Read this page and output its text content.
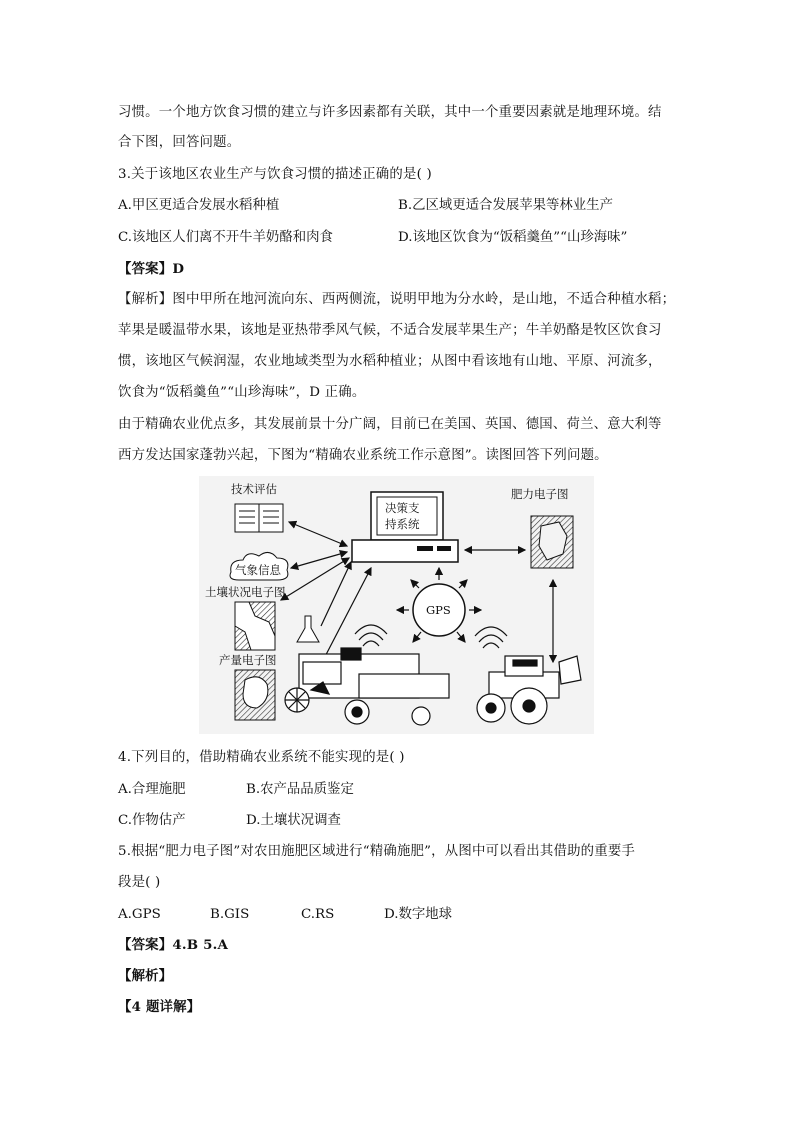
习惯。一个地方饮食习惯的建立与许多因素都有关联，其中一个重要因素就是地理环境。结
合下图，回答问题。
3.关于该地区农业生产与饮食习惯的描述正确的是( )
A.甲区更适合发展水稻种植	B.乙区域更适合发展苹果等林业生产
C.该地区人们离不开牛羊奶酪和肉食	D.该地区饮食为“饭稻羹鱼”“山珍海味”
【答案】D
【解析】图中甲所在地河流向东、西两侧流，说明甲地为分水岭，是山地，不适合种植水稻；
苹果是暖温带水果，该地是亚热带季风气候，不适合发展苹果生产；牛羊奶酪是牧区饮食习
惯，该地区气候润湿，农业地域类型为水稻种植业；从图中看该地有山地、平原、河流多，
饮食为“饭稻羹鱼”“山珍海味”，D 正确。
由于精确农业优点多，其发展前景十分广阔，目前已在美国、英国、德国、荷兰、意大利等
西方发达国家蓬勃兴起，下图为“精确农业系统工作示意图”。读图回答下列问题。
技术评估
决策支
持系统
肥力电子图
气象信息
土壤状况电子图
产量电子图
GPS
4.下列目的，借助精确农业系统不能实现的是( )
A.合理施肥	B.农产品品质鉴定
C.作物估产	D.土壤状况调查
5.根据“肥力电子图”对农田施肥区域进行“精确施肥”，从图中可以看出其借助的重要手
段是( )
A.GPS	B.GIS	C.RS	D.数字地球
【答案】4.B 5.A
【解析】
【4 题详解】
